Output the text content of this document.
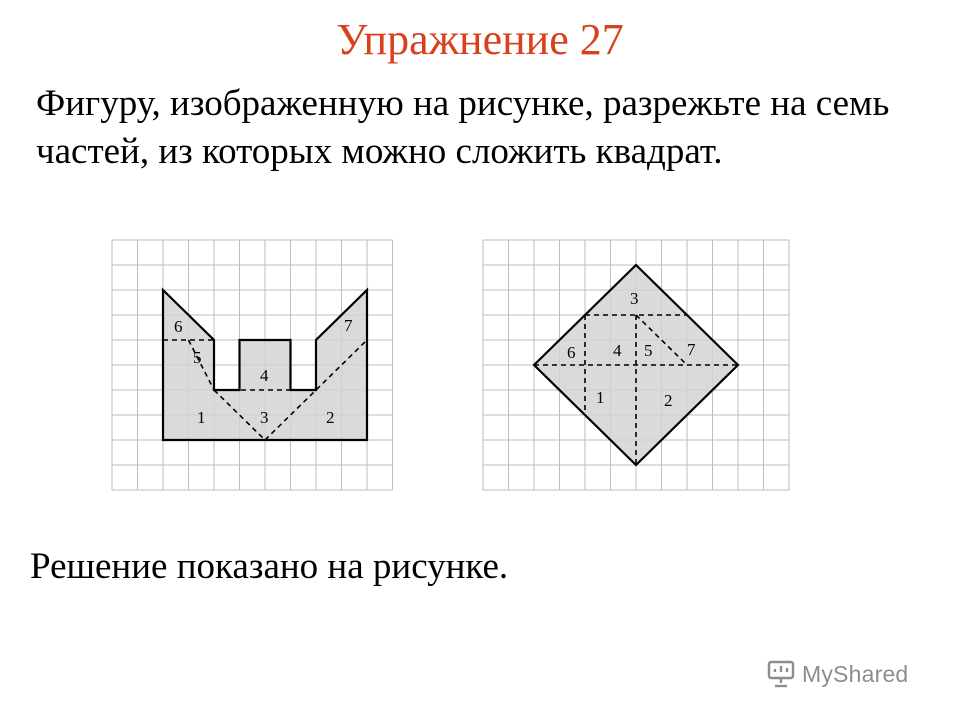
Упражнение 27
Фигуру, изображенную на рисунке, разрежьте на семь частей, из которых можно сложить квадрат.
6	7
5
4
1	3	2
3
6 4 5 7
1	2
Решение показано на рисунке.
MyShared
